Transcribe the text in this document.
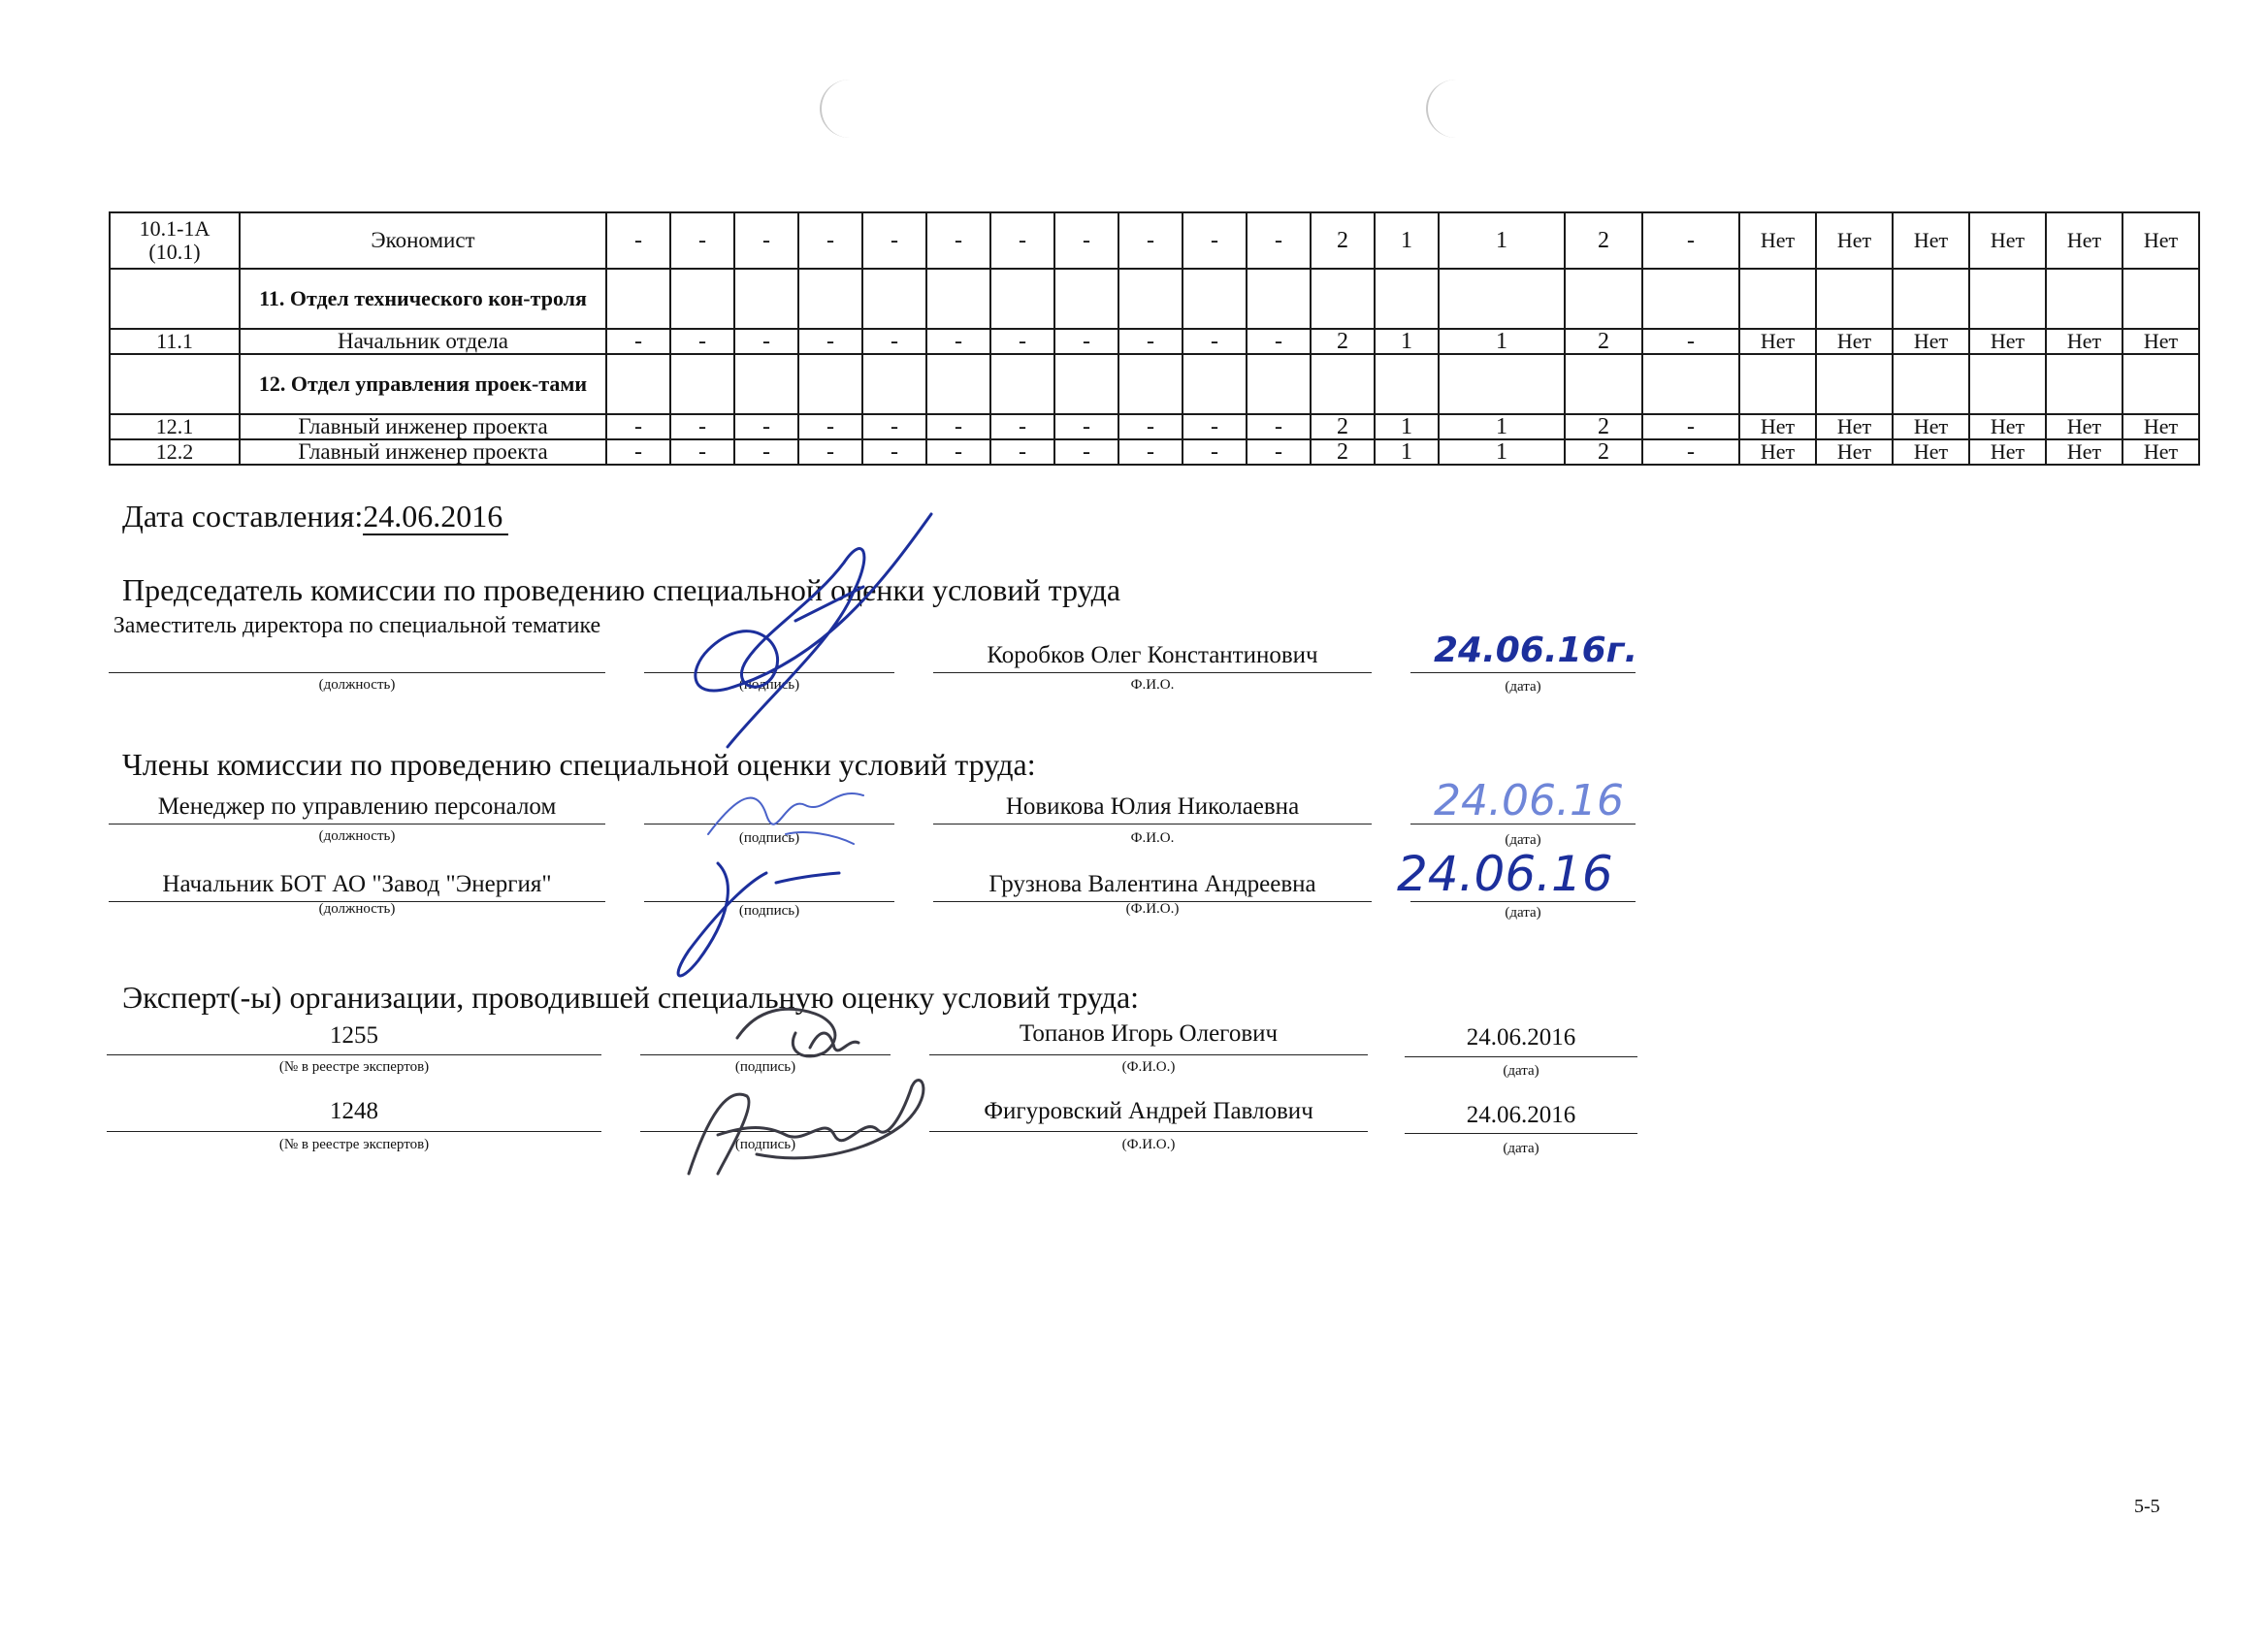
10.1-1А (10.1)	Экономист	-	-	-	-	-	-	-	-	-	-	-	2	1	1	2	-	Нет	Нет	Нет	Нет	Нет	Нет
	11. Отдел технического кон-троля																						
11.1	Начальник отдела	-	-	-	-	-	-	-	-	-	-	-	2	1	1	2	-	Нет	Нет	Нет	Нет	Нет	Нет
	12. Отдел управления проек-тами																						
12.1	Главный инженер проекта	-	-	-	-	-	-	-	-	-	-	-	2	1	1	2	-	Нет	Нет	Нет	Нет	Нет	Нет
12.2	Главный инженер проекта	-	-	-	-	-	-	-	-	-	-	-	2	1	1	2	-	Нет	Нет	Нет	Нет	Нет	Нет
Дата составления:24.06.2016
Председатель комиссии по проведению специальной оценки условий труда
Заместитель директора по специальной тематике
(должность)	(подпись)
Коробков Олег Константинович
Ф.И.О.
24.06.16г.
(дата)
Члены комиссии по проведению специальной оценки условий труда:
Менеджер по управлению персоналом
(должность)	(подпись)
Новикова Юлия Николаевна
Ф.И.О.
24.06.16
(дата)
Начальник БОТ АО "Завод "Энергия"
(должность)	(подпись)
Грузнова Валентина Андреевна
(Ф.И.О.)
24.06.16
(дата)
Эксперт(-ы) организации, проводившей специальную оценку условий труда:
1255
(№ в реестре экспертов)	(подпись)
Топанов Игорь Олегович
(Ф.И.О.)
24.06.2016
(дата)
1248
(№ в реестре экспертов)	(подпись)
Фигуровский Андрей Павлович
(Ф.И.О.)
24.06.2016
(дата)
5-5
